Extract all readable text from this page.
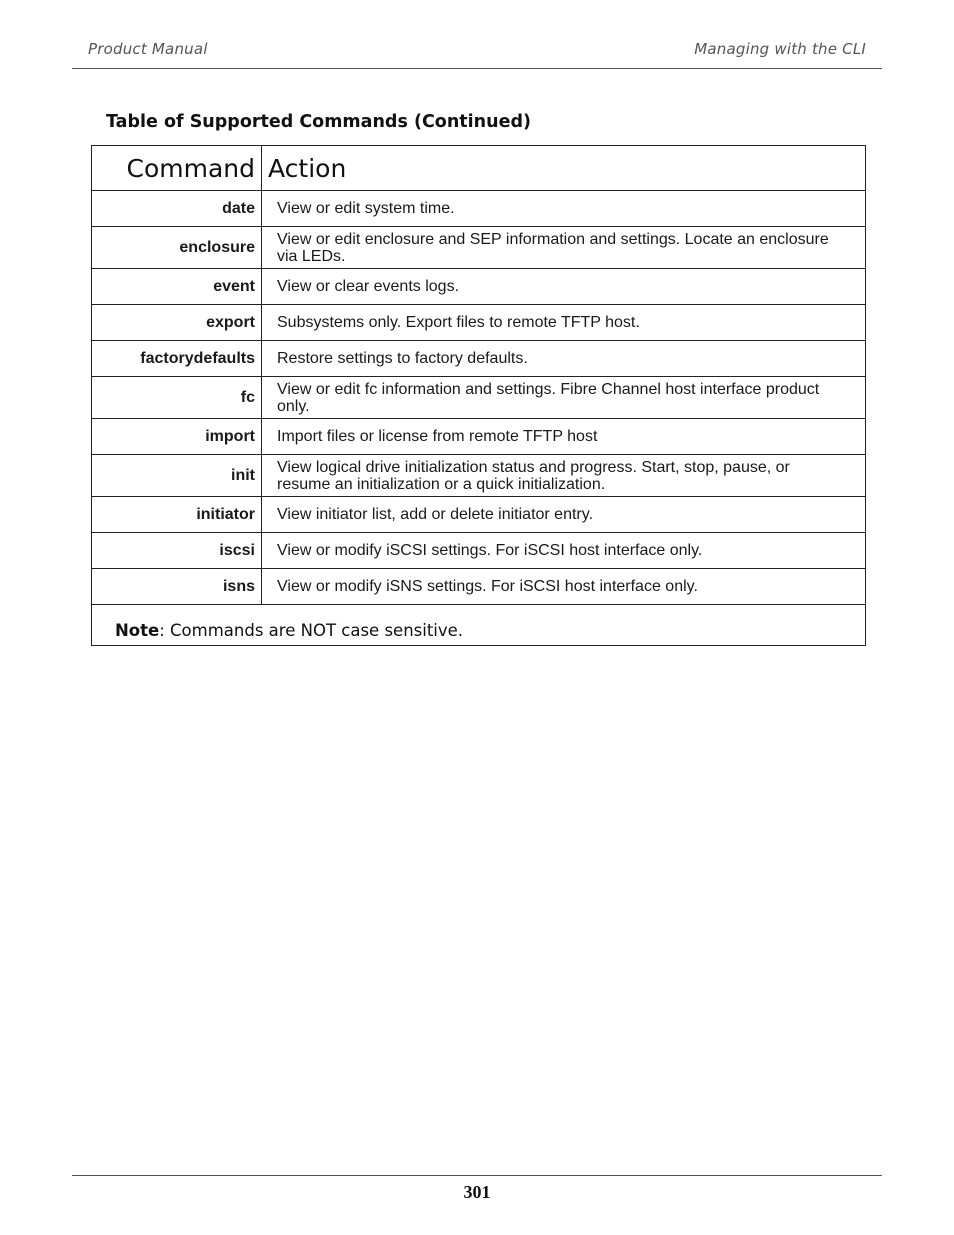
Product Manual	Managing with the CLI
Table of Supported Commands (Continued)
Command Action
date	View or edit system time.
enclosure	View or edit enclosure and SEP information and settings. Locate an enclosure via LEDs.
event	View or clear events logs.
export	Subsystems only. Export files to remote TFTP host.
factorydefaults	Restore settings to factory defaults.
fc	View or edit fc information and settings. Fibre Channel host interface product only.
import	Import files or license from remote TFTP host
init	View logical drive initialization status and progress. Start, stop, pause, or resume an initialization or a quick initialization.
initiator	View initiator list, add or delete initiator entry.
iscsi	View or modify iSCSI settings. For iSCSI host interface only.
isns	View or modify iSNS settings. For iSCSI host interface only.
Note: Commands are NOT case sensitive.
301
